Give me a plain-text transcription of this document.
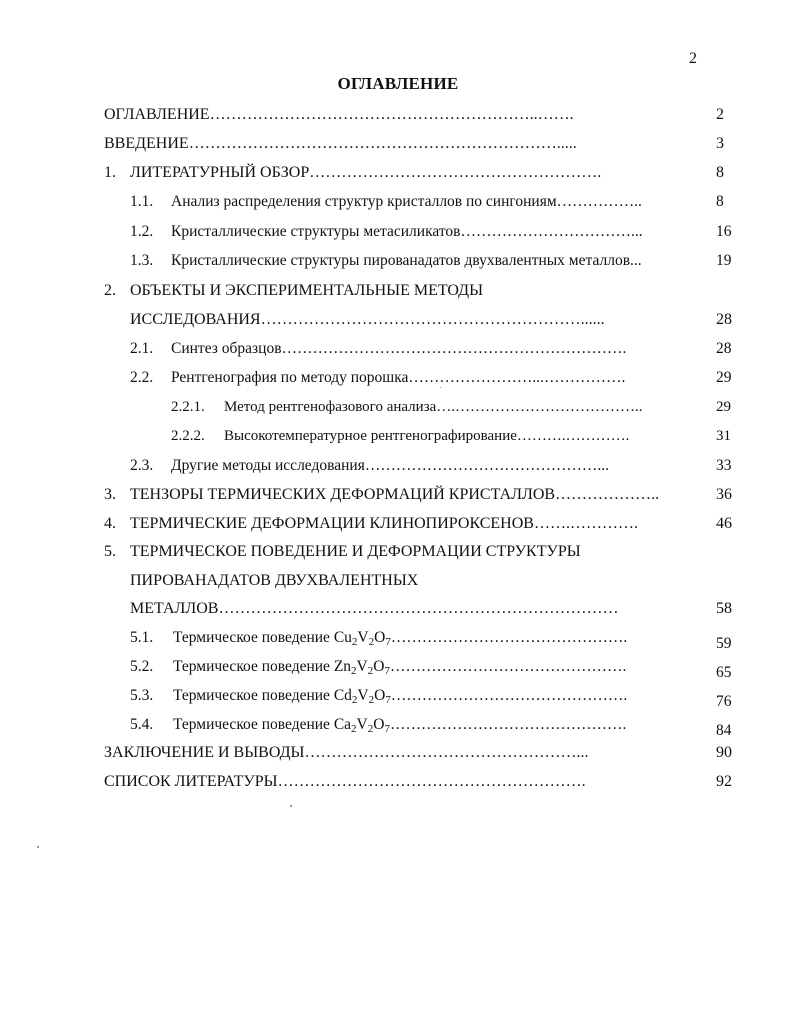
2
ОГЛАВЛЕНИЕ
ОГЛАВЛЕНИЕ……………………………………………………..…….	2
ВВЕДЕНИЕ…………………………………………………………….....	3
1. ЛИТЕРАТУРНЫЙ ОБЗОР……………………………………………….	8
1.1. Анализ распределения структур кристаллов по сингониям……………..	8
1.2. Кристаллические структуры метасиликатов……………………………...	16
1.3. Кристаллические структуры пированадатов двухвалентных металлов...	19
2. ОБЪЕКТЫ И ЭКСПЕРИМЕНТАЛЬНЫЕ МЕТОДЫ
ИССЛЕДОВАНИЯ……………………………………………………......	28
2.1. Синтез образцов………………………………………………………….	28
2.2. Рентгенография по методу порошка……………………...…………….	29
2.2.1. Метод рентгенофазового анализа….………………………………..	29
2.2.2. Высокотемпературное рентгенографирование……….………….	31
2.3. Другие методы исследования………………………………………...	33
3. ТЕНЗОРЫ ТЕРМИЧЕСКИХ ДЕФОРМАЦИЙ КРИСТАЛЛОВ………………..	36
4. ТЕРМИЧЕСКИЕ ДЕФОРМАЦИИ КЛИНОПИРОКСЕНОВ…….………….	46
5. ТЕРМИЧЕСКОЕ ПОВЕДЕНИЕ И ДЕФОРМАЦИИ СТРУКТУРЫ
ПИРОВАНАДАТОВ ДВУХВАЛЕНТНЫХ
МЕТАЛЛОВ…………………………………………………………………	58
5.1. Термическое поведение $Cu_2V_2O_7\dots\dots\dots\dots\dots\dots\dots\dots\dots\dots\dots\dots\dots\dots\dots$.	59
5.2. Термическое поведение $Zn_2V_2O_7\dots\dots\dots\dots\dots\dots\dots\dots\dots\dots\dots\dots\dots\dots\dots$.	65
5.3. Термическое поведение $Cd_2V_2O_7\dots\dots\dots\dots\dots\dots\dots\dots\dots\dots\dots\dots\dots\dots\dots$.	76
5.4. Термическое поведение $Ca_2V_2O_7\dots\dots\dots\dots\dots\dots\dots\dots\dots\dots\dots\dots\dots\dots\dots$.	84
ЗАКЛЮЧЕНИЕ И ВЫВОДЫ……………………………………………...	90
СПИСОК ЛИТЕРАТУРЫ………………………………………………….	92
